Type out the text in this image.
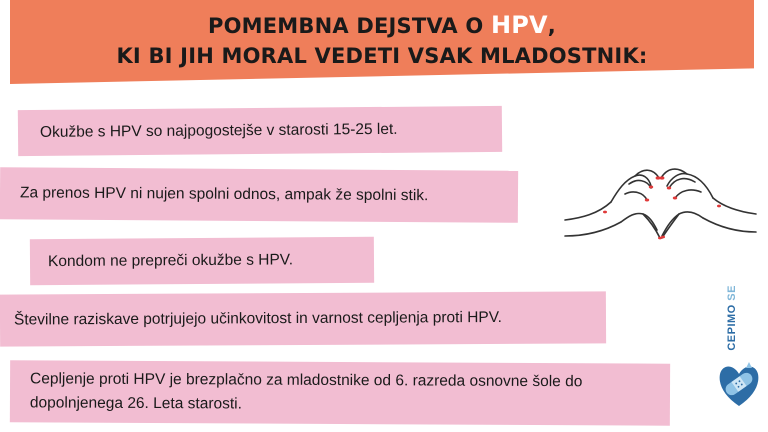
POMEMBNA DEJSTVA O HPV,
KI BI JIH MORAL VEDETI VSAK MLADOSTNIK:
Okužbe s HPV so najpogostejše v starosti 15-25 let.
Za prenos HPV ni nujen spolni odnos, ampak že spolni stik.
Kondom ne prepreči okužbe s HPV.
Številne raziskave potrjujejo učinkovitost in varnost cepljenja proti HPV.
Cepljenje proti HPV je brezplačno za mladostnike od 6. razreda osnovne šole do dopolnjenega 26. Leta starosti.
CEPIMO SE
